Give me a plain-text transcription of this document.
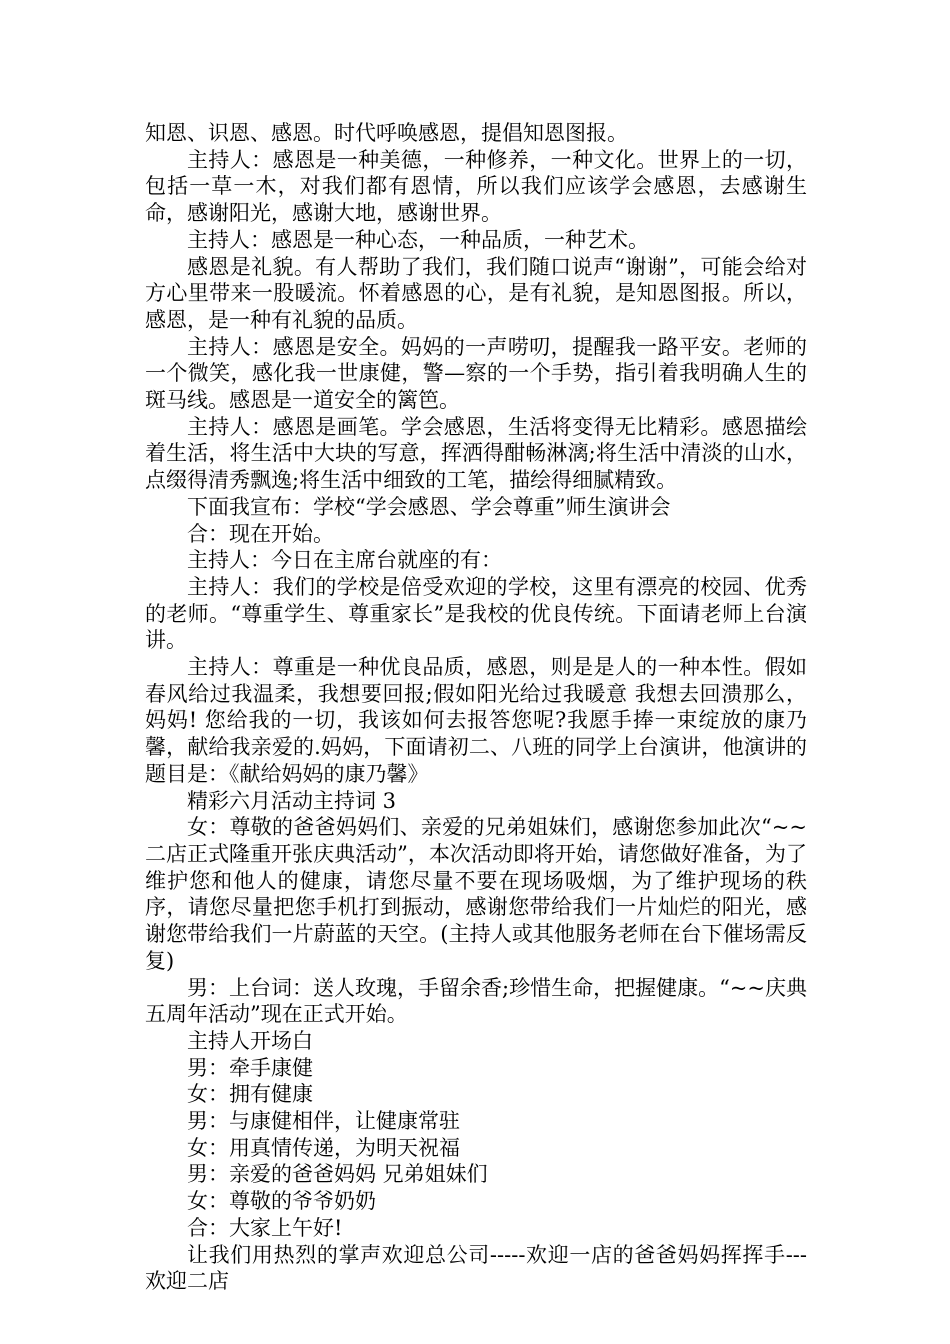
知恩、识恩、感恩。时代呼唤感恩，提倡知恩图报。

主持人：感恩是一种美德，一种修养，一种文化。世界上的一切，包括一草一木，对我们都有恩情，所以我们应该学会感恩，去感谢生命，感谢阳光，感谢大地，感谢世界。

主持人：感恩是一种心态，一种品质，一种艺术。

感恩是礼貌。有人帮助了我们，我们随口说声“谢谢”，可能会给对方心里带来一股暖流。怀着感恩的心，是有礼貌，是知恩图报。所以，感恩，是一种有礼貌的品质。

主持人：感恩是安全。妈妈的一声唠叨，提醒我一路平安。老师的一个微笑，感化我一世康健，警—察的一个手势，指引着我明确人生的斑马线。感恩是一道安全的篱笆。

主持人：感恩是画笔。学会感恩，生活将变得无比精彩。感恩描绘着生活，将生活中大块的写意，挥洒得酣畅淋漓;将生活中清淡的山水，点缀得清秀飘逸;将生活中细致的工笔，描绘得细腻精致。

下面我宣布：学校“学会感恩、学会尊重”师生演讲会

合：现在开始。

主持人：今日在主席台就座的有：

主持人：我们的学校是倍受欢迎的学校，这里有漂亮的校园、优秀的老师。“尊重学生、尊重家长”是我校的优良传统。下面请老师上台演讲。

主持人：尊重是一种优良品质，感恩，则是是人的一种本性。假如春风给过我温柔，我想要回报;假如阳光给过我暖意 我想去回溃那么，妈妈! 您给我的一切，我该如何去报答您呢?我愿手捧一束绽放的康乃馨，献给我亲爱的.妈妈，下面请初二、八班的同学上台演讲，他演讲的题目是：《献给妈妈的康乃馨》

精彩六月活动主持词 3

女：尊敬的爸爸妈妈们、亲爱的兄弟姐妹们，感谢您参加此次“~~二店正式隆重开张庆典活动”，本次活动即将开始，请您做好准备，为了维护您和他人的健康，请您尽量不要在现场吸烟，为了维护现场的秩序，请您尽量把您手机打到振动，感谢您带给我们一片灿烂的阳光，感谢您带给我们一片蔚蓝的天空。(主持人或其他服务老师在台下催场需反复)

男：上台词：送人玫瑰，手留余香;珍惜生命，把握健康。“~~庆典五周年活动”现在正式开始。

主持人开场白

男：牵手康健

女：拥有健康

男：与康健相伴，让健康常驻

女：用真情传递，为明天祝福

男：亲爱的爸爸妈妈 兄弟姐妹们

女：尊敬的爷爷奶奶

合：大家上午好!

让我们用热烈的掌声欢迎总公司-----欢迎一店的爸爸妈妈挥挥手---欢迎二店
